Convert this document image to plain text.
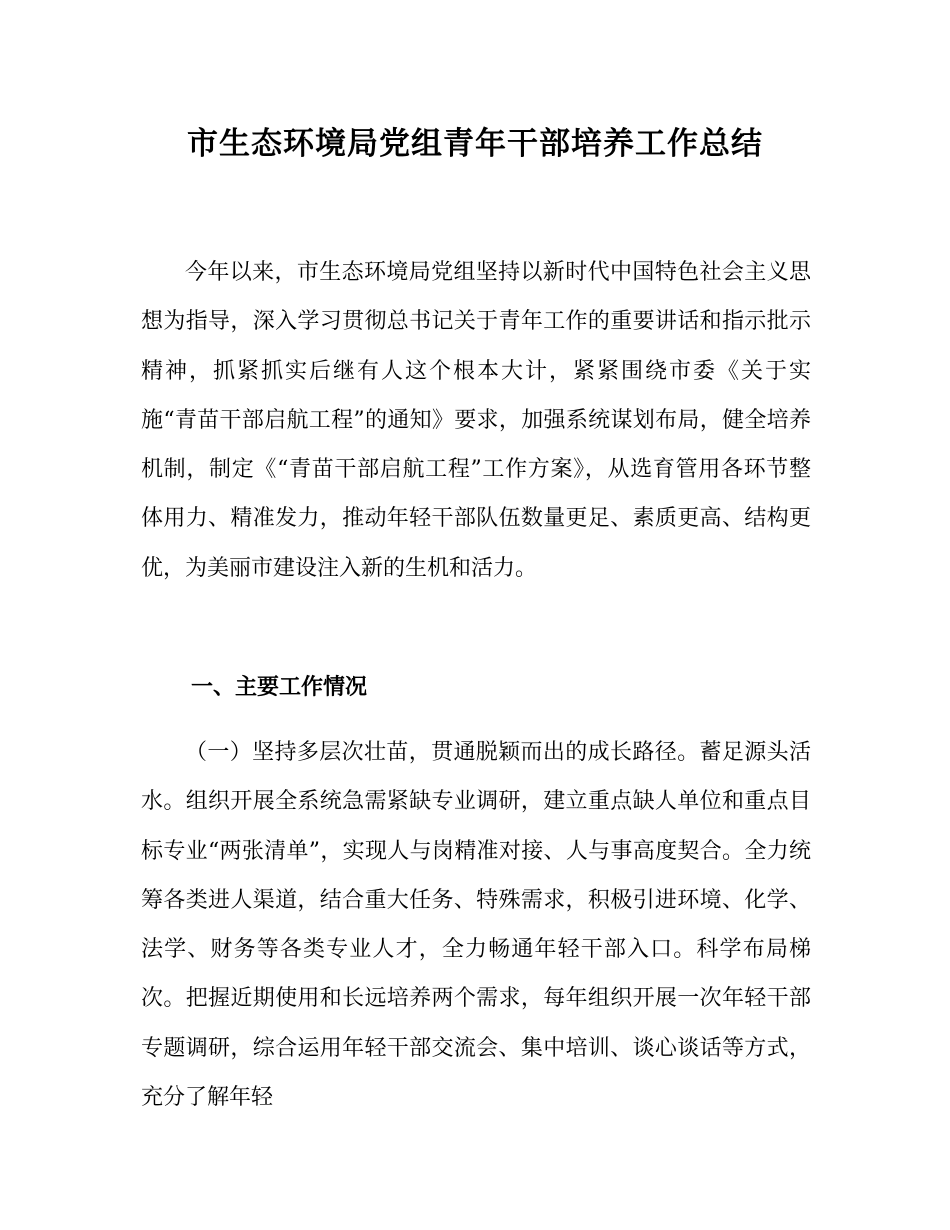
市生态环境局党组青年干部培养工作总结

今年以来，市生态环境局党组坚持以新时代中国特色社会主义思想为指导，深入学习贯彻总书记关于青年工作的重要讲话和指示批示精神，抓紧抓实后继有人这个根本大计，紧紧围绕市委《关于实施“青苗干部启航工程”的通知》要求，加强系统谋划布局，健全培养机制，制定《“青苗干部启航工程”工作方案》，从选育管用各环节整体用力、精准发力，推动年轻干部队伍数量更足、素质更高、结构更优，为美丽市建设注入新的生机和活力。

一、主要工作情况

（一）坚持多层次壮苗，贯通脱颖而出的成长路径。蓄足源头活水。组织开展全系统急需紧缺专业调研，建立重点缺人单位和重点目标专业“两张清单”，实现人与岗精准对接、人与事高度契合。全力统筹各类进人渠道，结合重大任务、特殊需求，积极引进环境、化学、法学、财务等各类专业人才，全力畅通年轻干部入口。科学布局梯次。把握近期使用和长远培养两个需求，每年组织开展一次年轻干部专题调研，综合运用年轻干部交流会、集中培训、谈心谈话等方式，充分了解年轻
